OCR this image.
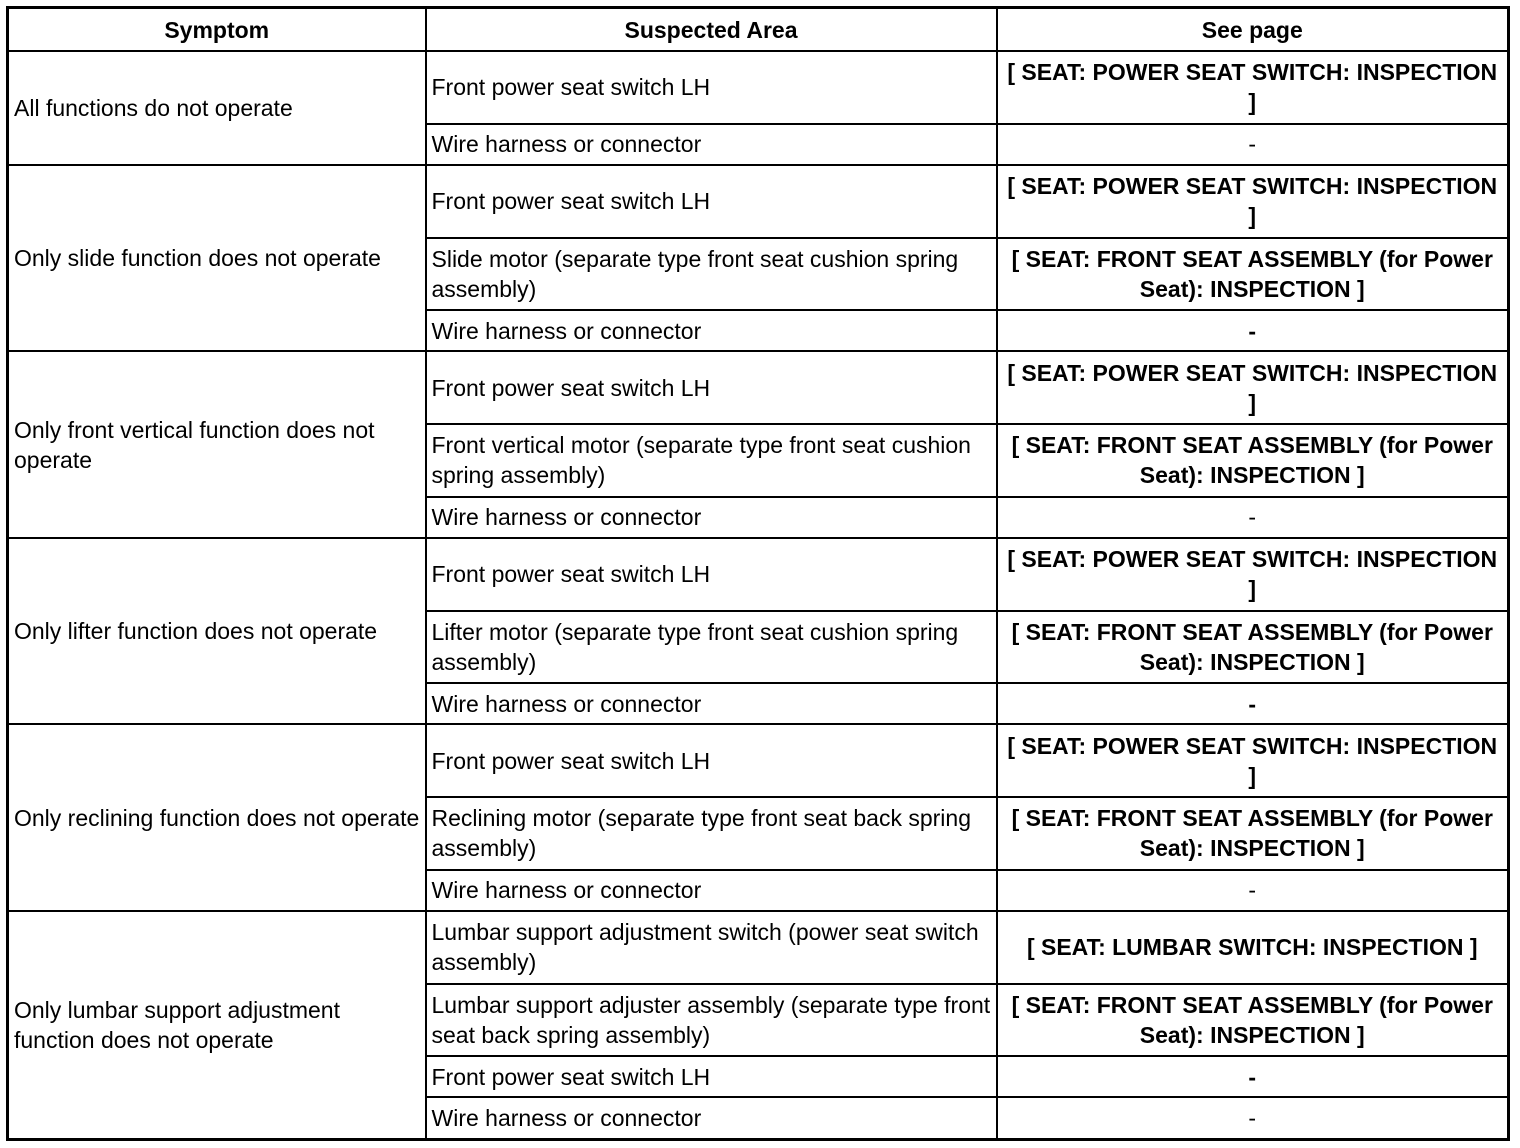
Symptom	Suspected Area	See page
All functions do not operate	Front power seat switch LH	[ SEAT: POWER SEAT SWITCH: INSPECTION ]
	Wire harness or connector	-
Only slide function does not operate	Front power seat switch LH	[ SEAT: POWER SEAT SWITCH: INSPECTION ]
	Slide motor (separate type front seat cushion spring assembly)	[ SEAT: FRONT SEAT ASSEMBLY (for Power Seat): INSPECTION ]
	Wire harness or connector	-
Only front vertical function does not operate	Front power seat switch LH	[ SEAT: POWER SEAT SWITCH: INSPECTION ]
	Front vertical motor (separate type front seat cushion spring assembly)	[ SEAT: FRONT SEAT ASSEMBLY (for Power Seat): INSPECTION ]
	Wire harness or connector	-
Only lifter function does not operate	Front power seat switch LH	[ SEAT: POWER SEAT SWITCH: INSPECTION ]
	Lifter motor (separate type front seat cushion spring assembly)	[ SEAT: FRONT SEAT ASSEMBLY (for Power Seat): INSPECTION ]
	Wire harness or connector	-
Only reclining function does not operate	Front power seat switch LH	[ SEAT: POWER SEAT SWITCH: INSPECTION ]
	Reclining motor (separate type front seat back spring assembly)	[ SEAT: FRONT SEAT ASSEMBLY (for Power Seat): INSPECTION ]
	Wire harness or connector	-
Only lumbar support adjustment function does not operate	Lumbar support adjustment switch (power seat switch assembly)	[ SEAT: LUMBAR SWITCH: INSPECTION ]
	Lumbar support adjuster assembly (separate type front seat back spring assembly)	[ SEAT: FRONT SEAT ASSEMBLY (for Power Seat): INSPECTION ]
	Front power seat switch LH	-
	Wire harness or connector	-
